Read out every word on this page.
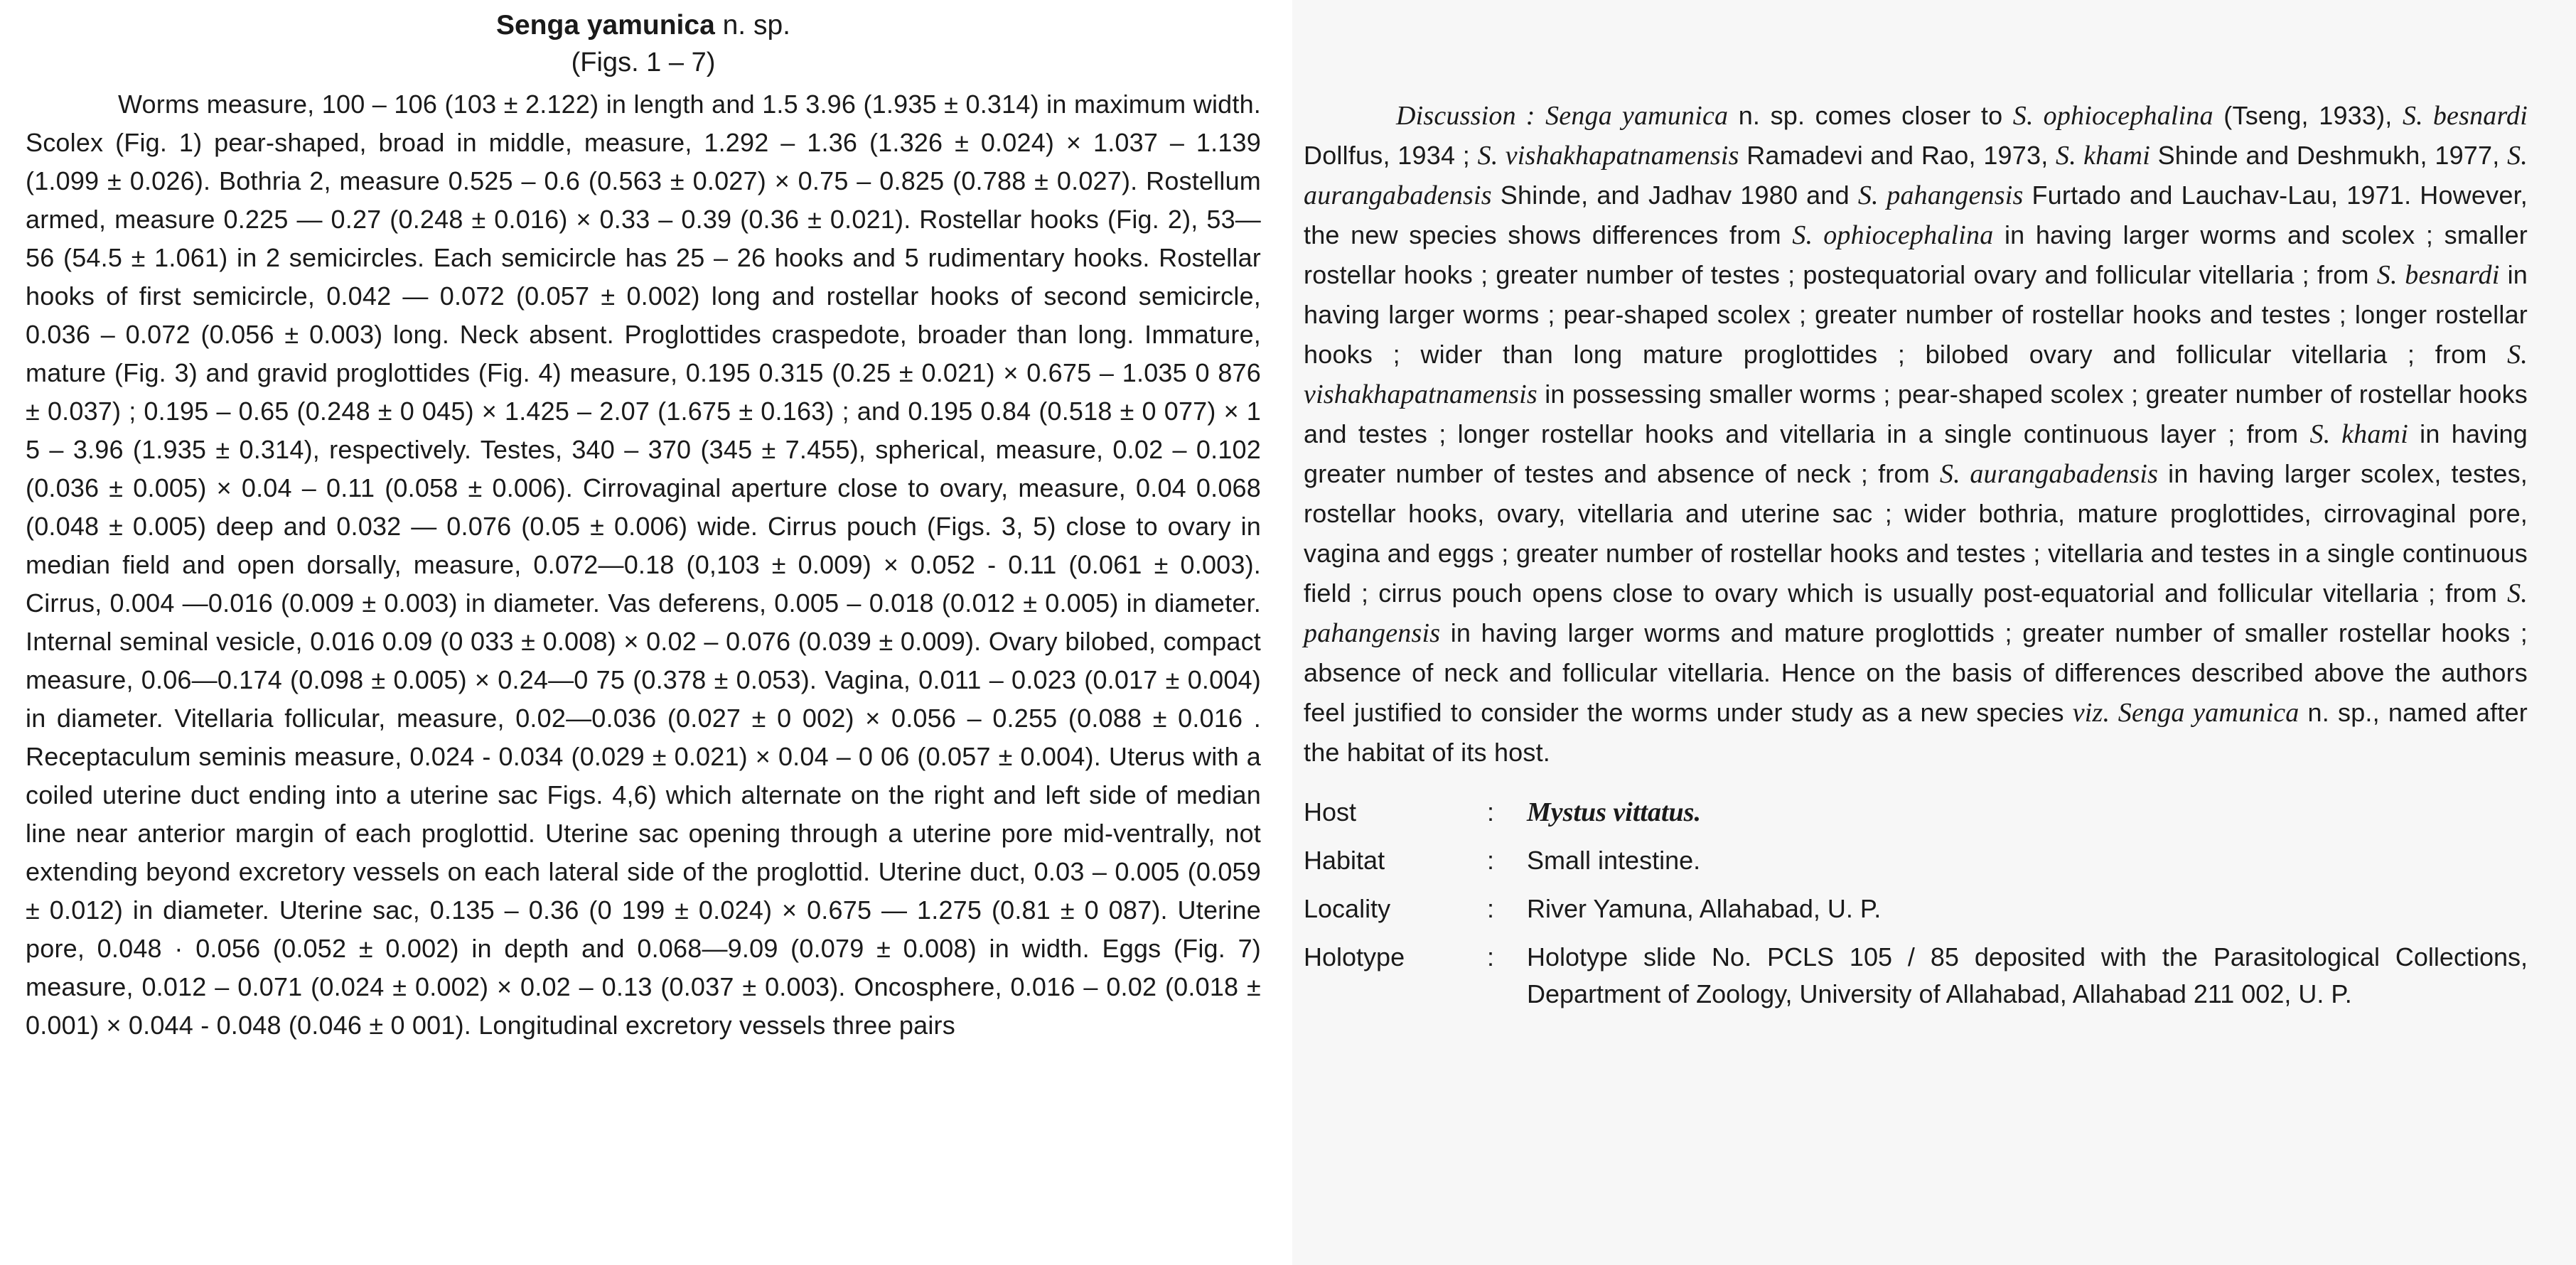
Senga yamunica n. sp.

(Figs. 1 – 7)

Worms measure, 100 – 106 (103 ± 2.122) in length and 1.5 3.96 (1.935 ± 0.314) in maximum width. Scolex (Fig. 1) pear-shaped, broad in middle, measure, 1.292 – 1.36 (1.326 ± 0.024) × 1.037 – 1.139 (1.099 ± 0.026). Bothria 2, measure 0.525 – 0.6 (0.563 ± 0.027) × 0.75 – 0.825 (0.788 ± 0.027). Rostellum armed, measure 0.225 — 0.27 (0.248 ± 0.016) × 0.33 – 0.39 (0.36 ± 0.021). Rostellar hooks (Fig. 2), 53—56 (54.5 ± 1.061) in 2 semicircles. Each semicircle has 25 – 26 hooks and 5 rudimentary hooks. Rostellar hooks of first semicircle, 0.042 — 0.072 (0.057 ± 0.002) long and rostellar hooks of second semicircle, 0.036 – 0.072 (0.056 ± 0.003) long. Neck absent. Proglottides craspedote, broader than long. Immature, mature (Fig. 3) and gravid proglottides (Fig. 4) measure, 0.195 0.315 (0.25 ± 0.021) × 0.675 – 1.035 0 876 ± 0.037) ; 0.195 – 0.65 (0.248 ± 0 045) × 1.425 – 2.07 (1.675 ± 0.163) ; and 0.195 0.84 (0.518 ± 0 077) × 1 5 – 3.96 (1.935 ± 0.314), respectively. Testes, 340 – 370 (345 ± 7.455), spherical, measure, 0.02 – 0.102 (0.036 ± 0.005) × 0.04 – 0.11 (0.058 ± 0.006). Cirrovaginal aperture close to ovary, measure, 0.04 0.068 (0.048 ± 0.005) deep and 0.032 — 0.076 (0.05 ± 0.006) wide. Cirrus pouch (Figs. 3, 5) close to ovary in median field and open dorsally, measure, 0.072—0.18 (0,103 ± 0.009) × 0.052 - 0.11 (0.061 ± 0.003). Cirrus, 0.004 —0.016 (0.009 ± 0.003) in diameter. Vas deferens, 0.005 – 0.018 (0.012 ± 0.005) in diameter. Internal seminal vesicle, 0.016 0.09 (0 033 ± 0.008) × 0.02 – 0.076 (0.039 ± 0.009). Ovary bilobed, compact measure, 0.06—0.174 (0.098 ± 0.005) × 0.24—0 75 (0.378 ± 0.053). Vagina, 0.011 – 0.023 (0.017 ± 0.004) in diameter. Vitellaria follicular, measure, 0.02—0.036 (0.027 ± 0 002) × 0.056 – 0.255 (0.088 ± 0.016 . Receptaculum seminis measure, 0.024 - 0.034 (0.029 ± 0.021) × 0.04 – 0 06 (0.057 ± 0.004). Uterus with a coiled uterine duct ending into a uterine sac Figs. 4,6) which alternate on the right and left side of median line near anterior margin of each proglottid. Uterine sac opening through a uterine pore mid-ventrally, not extending beyond excretory vessels on each lateral side of the proglottid. Uterine duct, 0.03 – 0.005 (0.059 ± 0.012) in diameter. Uterine sac, 0.135 – 0.36 (0 199 ± 0.024) × 0.675 — 1.275 (0.81 ± 0 087). Uterine pore, 0.048 · 0.056 (0.052 ± 0.002) in depth and 0.068—9.09 (0.079 ± 0.008) in width. Eggs (Fig. 7) measure, 0.012 – 0.071 (0.024 ± 0.002) × 0.02 – 0.13 (0.037 ± 0.003). Oncosphere, 0.016 – 0.02 (0.018 ± 0.001) × 0.044 - 0.048 (0.046 ± 0 001). Longitudinal excretory vessels three pairs

Discussion : Senga yamunica n. sp. comes closer to S. ophiocephalina (Tseng, 1933), S. besnardi Dollfus, 1934 ; S. vishakhapatnamensis Ramadevi and Rao, 1973, S. khami Shinde and Deshmukh, 1977, S. aurangabadensis Shinde, and Jadhav 1980 and S. pahangensis Furtado and Lauchav-Lau, 1971. However, the new species shows differences from S. ophiocephalina in having larger worms and scolex ; smaller rostellar hooks ; greater number of testes ; postequatorial ovary and follicular vitellaria ; from S. besnardi in having larger worms ; pear-shaped scolex ; greater number of rostellar hooks and testes ; longer rostellar hooks ; wider than long mature proglottides ; bilobed ovary and follicular vitellaria ; from S. vishakhapatnamensis in possessing smaller worms ; pear-shaped scolex ; greater number of rostellar hooks and testes ; longer rostellar hooks and vitellaria in a single continuous layer ; from S. khami in having greater number of testes and absence of neck ; from S. aurangabadensis in having larger scolex, testes, rostellar hooks, ovary, vitellaria and uterine sac ; wider bothria, mature proglottides, cirrovaginal pore, vagina and eggs ; greater number of rostellar hooks and testes ; vitellaria and testes in a single continuous field ; cirrus pouch opens close to ovary which is usually post-equatorial and follicular vitellaria ; from S. pahangensis in having larger worms and mature proglottids ; greater number of smaller rostellar hooks ; absence of neck and follicular vitellaria. Hence on the basis of differences described above the authors feel justified to consider the worms under study as a new species viz. Senga yamunica n. sp., named after the habitat of its host.

Host	:	Mystus vittatus.
Habitat	:	Small intestine.
Locality	:	River Yamuna, Allahabad, U. P.
Holotype	:	Holotype slide No. PCLS 105 / 85 deposited with the Parasitological Collections, Department of Zoology, University of Allahabad, Allahabad 211 002, U. P.
